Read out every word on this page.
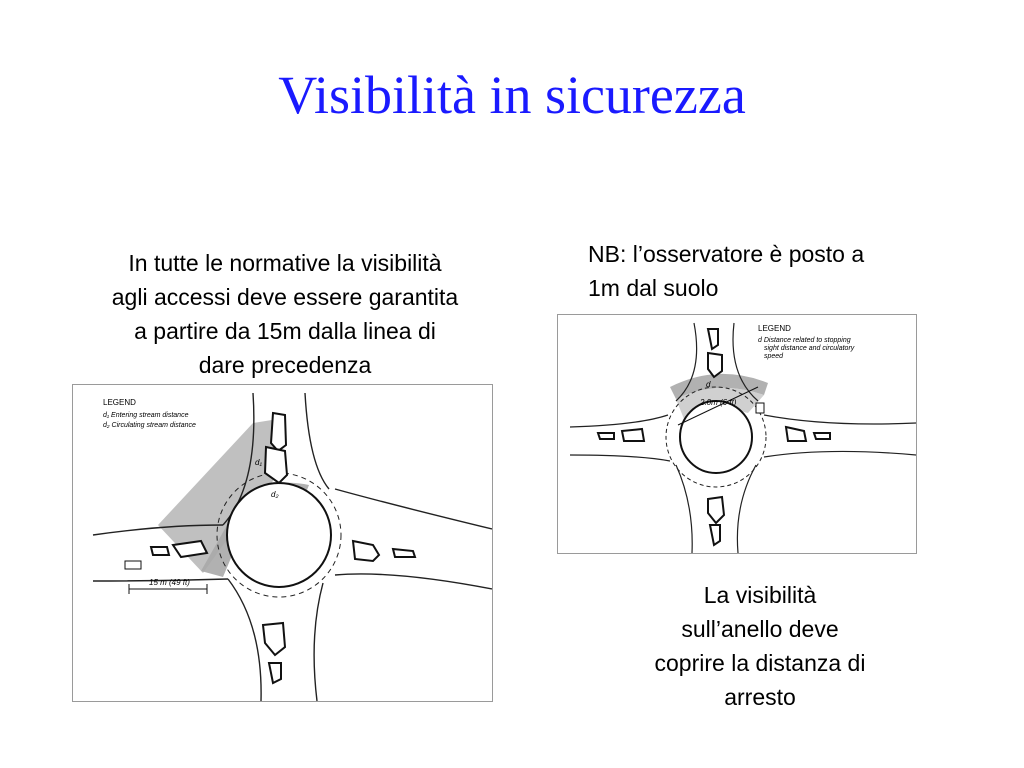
Visibilità in sicurezza
In tutte le normative la visibilità
agli accessi deve essere garantita
a partire da 15m dalla linea di
dare precedenza
NB: l’osservatore è posto a
1m dal suolo
La visibilità
sull’anello deve
coprire la distanza di
arresto
15 m (49 ft)
d₁
d₂
LEGEND
d₁ Entering stream distance
d₂ Circulating stream distance
d
2.0m (6 ft)
LEGEND
d Distance related to stopping
sight distance and circulatory
speed
